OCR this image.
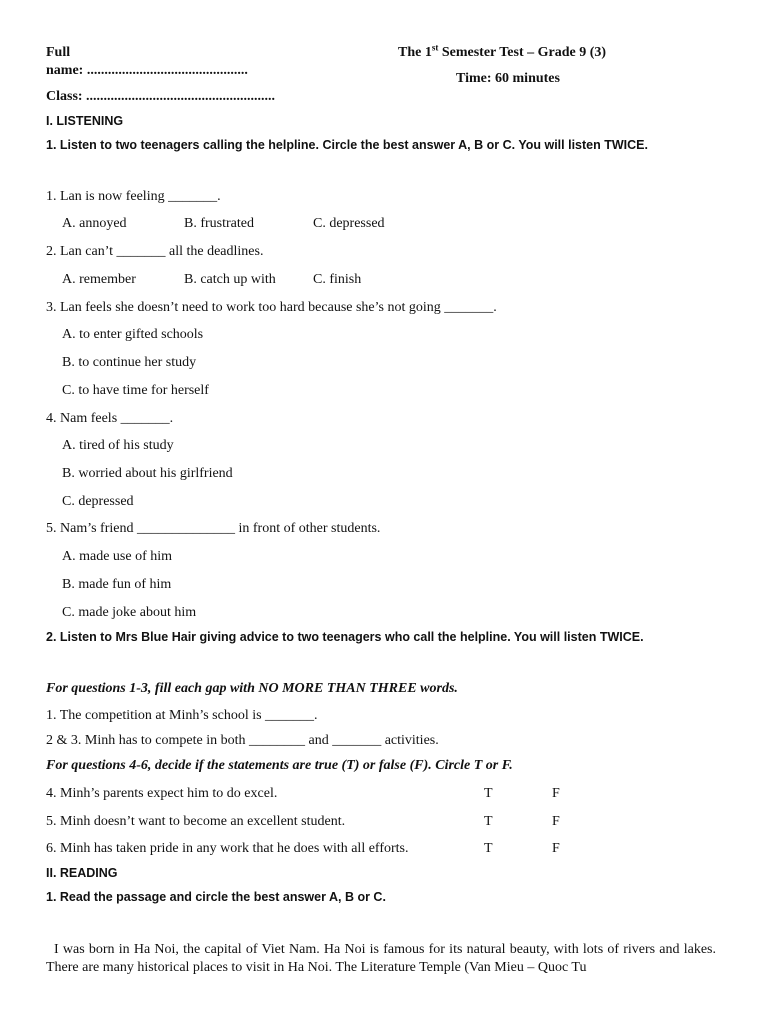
Full
name: ..............................................
Class: ......................................................
The 1st Semester Test – Grade 9 (3)
Time: 60 minutes
I. LISTENING
1. Listen to two teenagers calling the helpline. Circle the best answer A, B or C. You will listen TWICE.
1. Lan is now feeling _______.
A. annoyed	B. frustrated	C. depressed
2. Lan can’t _______ all the deadlines.
A. remember	B. catch up with	C. finish
3. Lan feels she doesn’t need to work too hard because she’s not going _______.
A. to enter gifted schools
B. to continue her study
C. to have time for herself
4. Nam feels _______.
A. tired of his study
B. worried about his girlfriend
C. depressed
5. Nam’s friend ______________ in front of other students.
A. made use of him
B. made fun of him
C. made joke about him
2. Listen to Mrs Blue Hair giving advice to two teenagers who call the helpline. You will listen TWICE.
For questions 1-3, fill each gap with NO MORE THAN THREE words.
1. The competition at Minh’s school is _______.
2 & 3. Minh has to compete in both ________ and _______ activities.
For questions 4-6, decide if the statements are true (T) or false (F). Circle T or F.
4. Minh’s parents expect him to do excel.	T	F
5. Minh doesn’t want to become an excellent student.	T	F
6. Minh has taken pride in any work that he does with all efforts.	T	F
II. READING
1. Read the passage and circle the best answer A, B or C.
I was born in Ha Noi, the capital of Viet Nam. Ha Noi is famous for its natural beauty, with lots of rivers and lakes. There are many historical places to visit in Ha Noi. The Literature Temple (Van Mieu – Quoc Tu
